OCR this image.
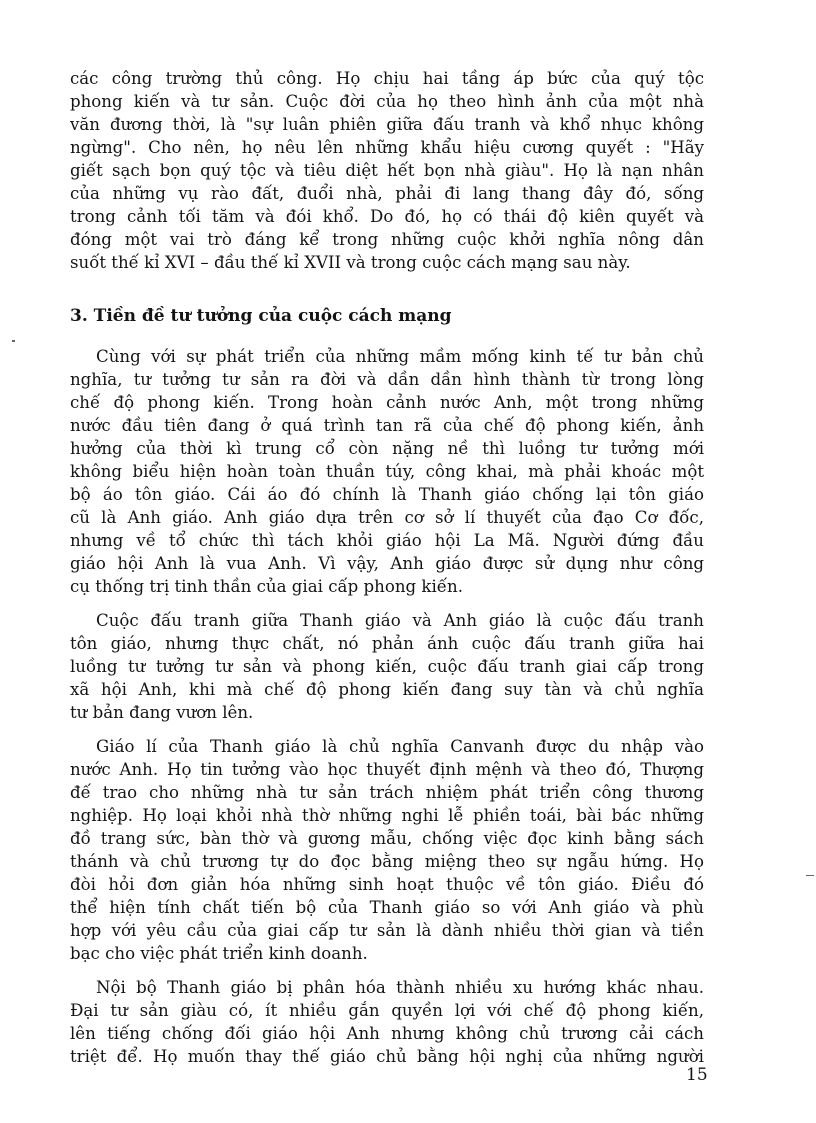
các công trường thủ công. Họ chịu hai tầng áp bức của quý tộc
phong kiến và tư sản. Cuộc đời của họ theo hình ảnh của một nhà
văn đương thời, là "sự luân phiên giữa đấu tranh và khổ nhục không
ngừng". Cho nên, họ nêu lên những khẩu hiệu cương quyết : "Hãy
giết sạch bọn quý tộc và tiêu diệt hết bọn nhà giàu". Họ là nạn nhân
của những vụ rào đất, đuổi nhà, phải đi lang thang đây đó, sống
trong cảnh tối tăm và đói khổ. Do đó, họ có thái độ kiên quyết và
đóng một vai trò đáng kể trong những cuộc khởi nghĩa nông dân
suốt thế kỉ XVI – đầu thế kỉ XVII và trong cuộc cách mạng sau này.
3. Tiền đề tư tưởng của cuộc cách mạng
Cùng với sự phát triển của những mầm mống kinh tế tư bản chủ
nghĩa, tư tưởng tư sản ra đời và dần dần hình thành từ trong lòng
chế độ phong kiến. Trong hoàn cảnh nước Anh, một trong những
nước đầu tiên đang ở quá trình tan rã của chế độ phong kiến, ảnh
hưởng của thời kì trung cổ còn nặng nề thì luồng tư tưởng mới
không biểu hiện hoàn toàn thuần túy, công khai, mà phải khoác một
bộ áo tôn giáo. Cái áo đó chính là Thanh giáo chống lại tôn giáo
cũ là Anh giáo. Anh giáo dựa trên cơ sở lí thuyết của đạo Cơ đốc,
nhưng về tổ chức thì tách khỏi giáo hội La Mã. Người đứng đầu
giáo hội Anh là vua Anh. Vì vậy, Anh giáo được sử dụng như công
cụ thống trị tinh thần của giai cấp phong kiến.
Cuộc đấu tranh giữa Thanh giáo và Anh giáo là cuộc đấu tranh
tôn giáo, nhưng thực chất, nó phản ánh cuộc đấu tranh giữa hai
luồng tư tưởng tư sản và phong kiến, cuộc đấu tranh giai cấp trong
xã hội Anh, khi mà chế độ phong kiến đang suy tàn và chủ nghĩa
tư bản đang vươn lên.
Giáo lí của Thanh giáo là chủ nghĩa Canvanh được du nhập vào
nước Anh. Họ tin tưởng vào học thuyết định mệnh và theo đó, Thượng
đế trao cho những nhà tư sản trách nhiệm phát triển công thương
nghiệp. Họ loại khỏi nhà thờ những nghi lễ phiền toái, bài bác những
đồ trang sức, bàn thờ và gương mẫu, chống việc đọc kinh bằng sách
thánh và chủ trương tự do đọc bằng miệng theo sự ngẫu hứng. Họ
đòi hỏi đơn giản hóa những sinh hoạt thuộc về tôn giáo. Điều đó
thể hiện tính chất tiến bộ của Thanh giáo so với Anh giáo và phù
hợp với yêu cầu của giai cấp tư sản là dành nhiều thời gian và tiền
bạc cho việc phát triển kinh doanh.
Nội bộ Thanh giáo bị phân hóa thành nhiều xu hướng khác nhau.
Đại tư sản giàu có, ít nhiều gắn quyền lợi với chế độ phong kiến,
lên tiếng chống đối giáo hội Anh nhưng không chủ trương cải cách
triệt để. Họ muốn thay thế giáo chủ bằng hội nghị của những người
15
